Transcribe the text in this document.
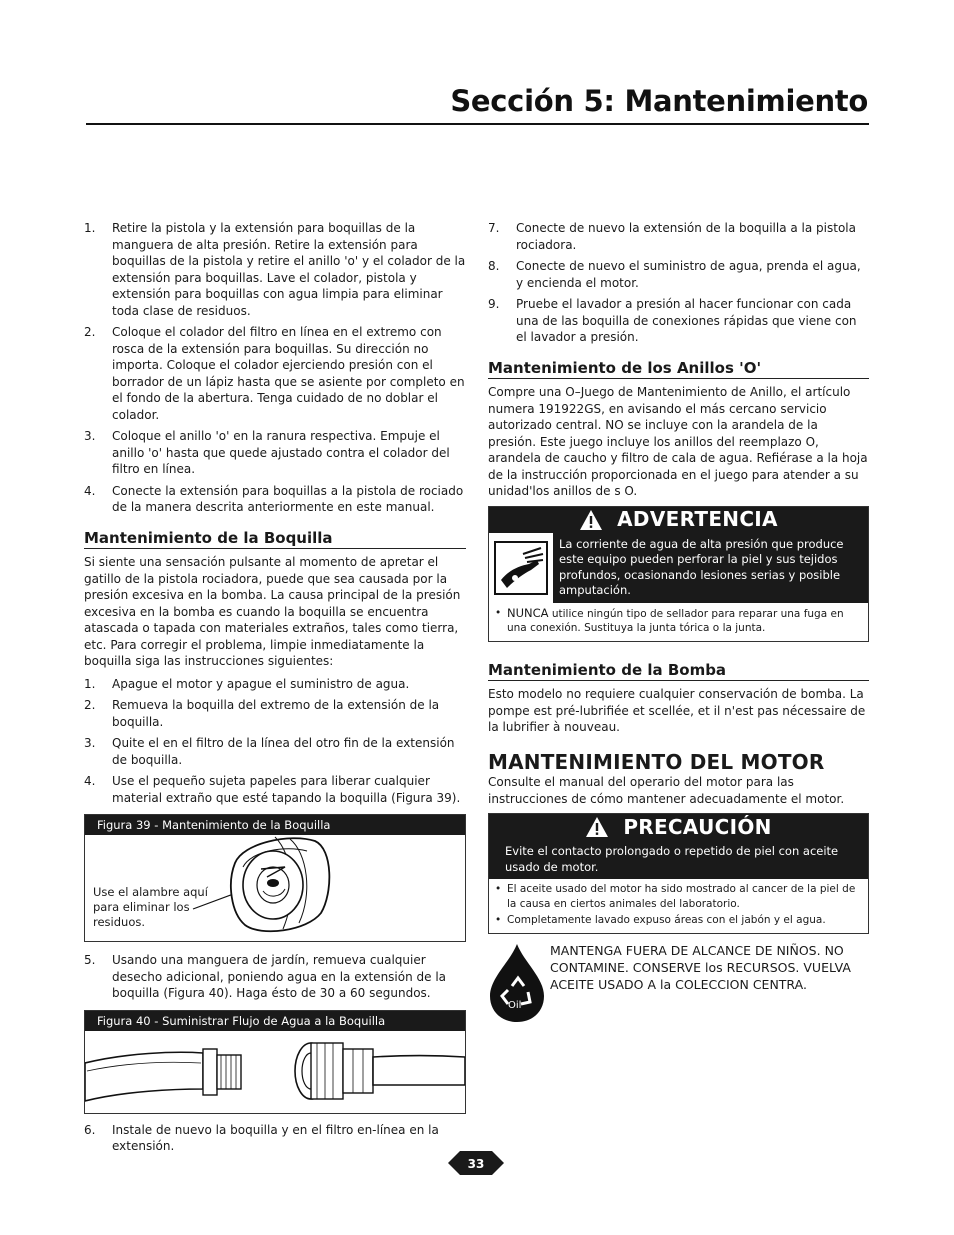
Sección 5: Mantenimiento
1. Retire la pistola y la extensión para boquillas de la manguera de alta presión. Retire la extensión para boquillas de la pistola y retire el anillo 'o' y el colador de la extensión para boquillas. Lave el colador, pistola y extensión para boquillas con agua limpia para eliminar toda clase de residuos.
2. Coloque el colador del filtro en línea en el extremo con rosca de la extensión para boquillas. Su dirección no importa. Coloque el colador ejerciendo presión con el borrador de un lápiz hasta que se asiente por completo en el fondo de la abertura. Tenga cuidado de no doblar el colador.
3. Coloque el anillo 'o' en la ranura respectiva. Empuje el anillo 'o' hasta que quede ajustado contra el colador del filtro en línea.
4. Conecte la extensión para boquillas a la pistola de rociado de la manera descrita anteriormente en este manual.
Mantenimiento de la Boquilla

Si siente una sensación pulsante al momento de apretar el gatillo de la pistola rociadora, puede que sea causada por la presión excesiva en la bomba. La causa principal de la presión excesiva en la bomba es cuando la boquilla se encuentra atascada o tapada con materiales extraños, tales como tierra, etc. Para corregir el problema, limpie inmediatamente la boquilla siga las instrucciones siguientes:

1. Apague el motor y apague el suministro de agua.
2. Remueva la boquilla del extremo de la extensión de la boquilla.
3. Quite el en el filtro de la línea del otro fin de la extensión de boquilla.
4. Use el pequeño sujeta papeles para liberar cualquier material extraño que esté tapando la boquilla (Figura 39).
Figura 39 - Mantenimiento de la Boquilla
Use el alambre aquí para eliminar los residuos.
5. Usando una manguera de jardín, remueva cualquier desecho adicional, poniendo agua en la extensión de la boquilla (Figura 40). Haga ésto de 30 a 60 segundos.
Figura 40 - Suministrar Flujo de Agua a la Boquilla
6. Instale de nuevo la boquilla y en el filtro en-línea en la extensión.
7. Conecte de nuevo la extensión de la boquilla a la pistola rociadora.
8. Conecte de nuevo el suministro de agua, prenda el agua, y encienda el motor.
9. Pruebe el lavador a presión al hacer funcionar con cada una de las boquilla de conexiones rápidas que viene con el lavador a presión.
Mantenimiento de los Anillos 'O'

Compre una O–Juego de Mantenimiento de Anillo, el artículo numera 191922GS, en avisando el más cercano servicio autorizado central. NO se incluye con la arandela de la presión. Este juego incluye los anillos del reemplazo O, arandela de caucho y filtro de cala de agua. Refiérase a la hoja de la instrucción proporcionada en el juego para atender a su unidad'los anillos de s O.

ADVERTENCIA
La corriente de agua de alta presión que produce este equipo pueden perforar la piel y sus tejidos profundos, ocasionando lesiones serias y posible amputación.
• NUNCA utilice ningún tipo de sellador para reparar una fuga en una conexión. Sustituya la junta tórica o la junta.
Mantenimiento de la Bomba

Esto modelo no requiere cualquier conservación de bomba. La pompe est pré-lubrifiée et scellée, et il n'est pas nécessaire de la lubrifier à nouveau.

MANTENIMIENTO DEL MOTOR

Consulte el manual del operario del motor para las instrucciones de cómo mantener adecuadamente el motor.

PRECAUCIÓN
Evite el contacto prolongado o repetido de piel con aceite usado de motor.
• El aceite usado del motor ha sido mostrado al cancer de la piel de la causa en ciertos animales del laboratorio.
• Completamente lavado expuso áreas con el jabón y el agua.
Oil
MANTENGA FUERA DE ALCANCE DE NIÑOS. NO CONTAMINE. CONSERVE los RECURSOS. VUELVA ACEITE USADO A la COLECCION CENTRA.
33
